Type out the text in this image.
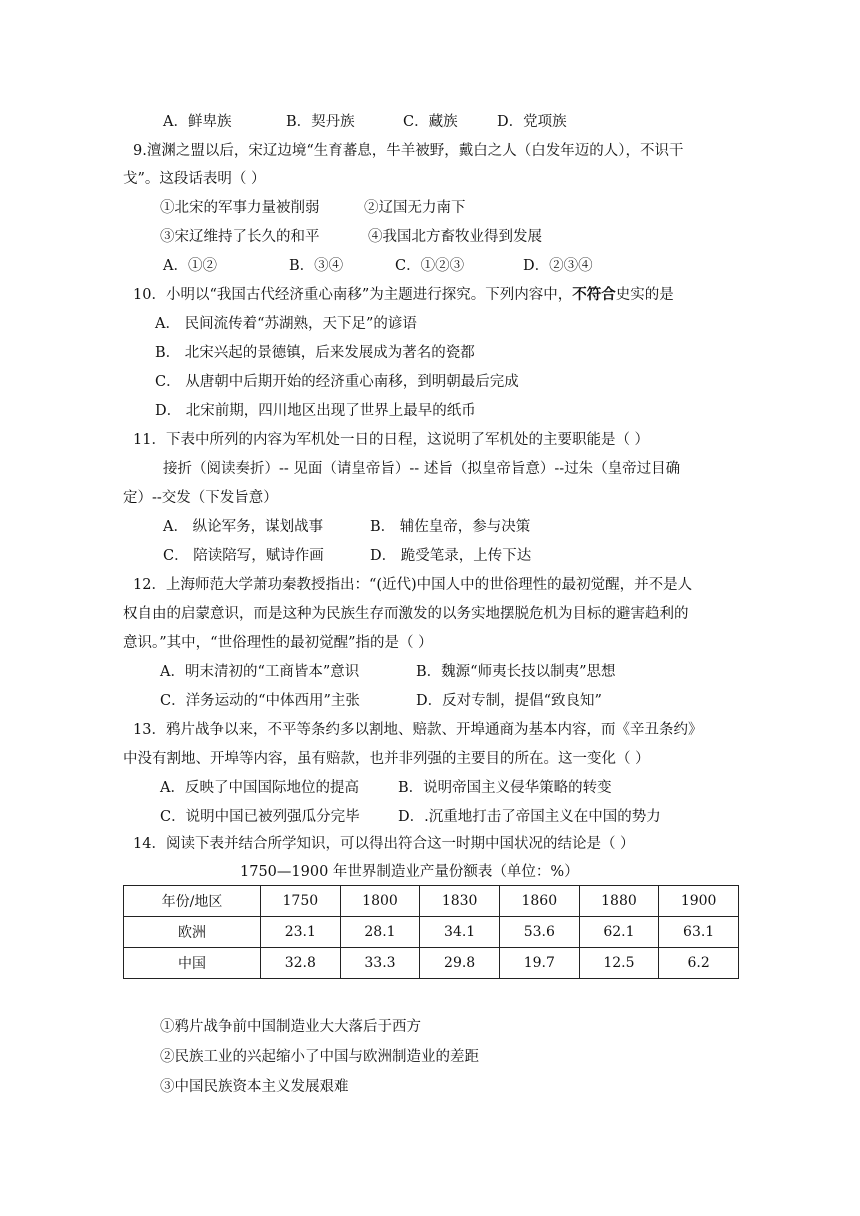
A．鲜卑族	B．契丹族	C．藏族	D．党项族
9.澶渊之盟以后，宋辽边境“生育蕃息，牛羊被野，戴白之人（白发年迈的人），不识干
戈”。这段话表明（ ）
①北宋的军事力量被削弱	②辽国无力南下
③宋辽维持了长久的和平	④我国北方畜牧业得到发展
A．①②	B．③④	C．①②③	D．②③④
10．小明以“我国古代经济重心南移”为主题进行探究。下列内容中，不符合史实的是
A． 民间流传着“苏湖熟，天下足”的谚语
B． 北宋兴起的景德镇，后来发展成为著名的瓷都
C． 从唐朝中后期开始的经济重心南移，到明朝最后完成
D． 北宋前期，四川地区出现了世界上最早的纸币
11．下表中所列的内容为军机处一日的日程，这说明了军机处的主要职能是（ ）
接折（阅读奏折）-- 见面（请皇帝旨）-- 述旨（拟皇帝旨意）--过朱（皇帝过目确
定）--交发（下发旨意）
A． 纵论军务，谋划战事	B． 辅佐皇帝，参与决策
C． 陪读陪写，赋诗作画	D． 跪受笔录，上传下达
12．上海师范大学萧功秦教授指出：“(近代)中国人中的世俗理性的最初觉醒，并不是人
权自由的启蒙意识，而是这种为民族生存而激发的以务实地摆脱危机为目标的避害趋利的
意识。”其中，“世俗理性的最初觉醒”指的是（ ）
A．明末清初的“工商皆本”意识	B．魏源“师夷长技以制夷”思想
C．洋务运动的“中体西用”主张	D．反对专制，提倡“致良知”
13．鸦片战争以来，不平等条约多以割地、赔款、开埠通商为基本内容，而《辛丑条约》
中没有割地、开埠等内容，虽有赔款，也并非列强的主要目的所在。这一变化（ ）
A．反映了中国国际地位的提高	B．说明帝国主义侵华策略的转变
C．说明中国已被列强瓜分完毕	D．.沉重地打击了帝国主义在中国的势力
14．阅读下表并结合所学知识，可以得出符合这一时期中国状况的结论是（ ）
1750—1900 年世界制造业产量份额表（单位：%）
年份/地区	1750	1800	1830	1860	1880	1900
欧洲	23.1	28.1	34.1	53.6	62.1	63.1
中国	32.8	33.3	29.8	19.7	12.5	6.2
①鸦片战争前中国制造业大大落后于西方
②民族工业的兴起缩小了中国与欧洲制造业的差距
③中国民族资本主义发展艰难
